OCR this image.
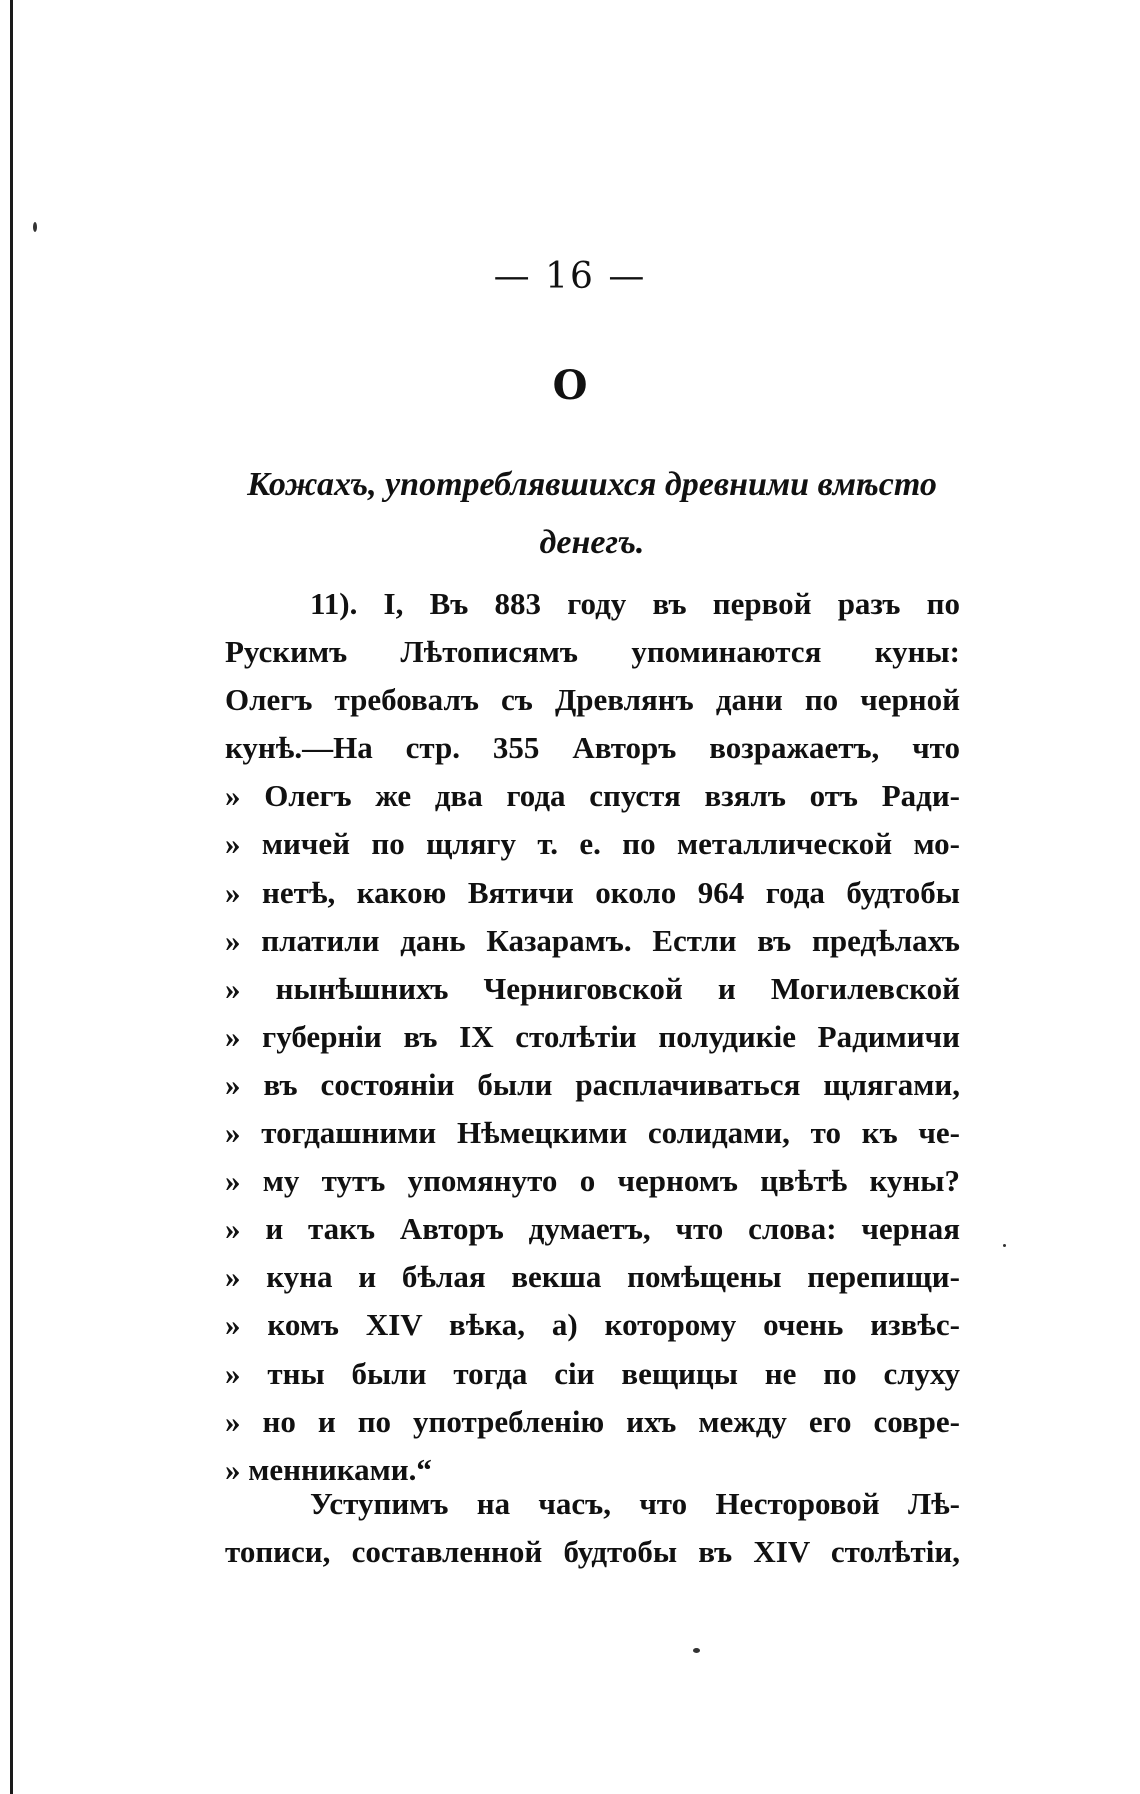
— 16 —
О
Кожахъ, употреблявшихся древними вмѣсто
денегъ.
11). I, Въ 883 году въ первой разъ по
Рускимъ Лѣтописямъ упоминаются куны:
Олегъ требовалъ съ Древлянъ дани по черной
кунѣ.—На стр. 355 Авторъ возражаетъ, что
» Олегъ же два года спустя взялъ отъ Ради-
» мичей по щлягу т. е. по металлической мо-
» нетѣ, какою Вятичи около 964 года будтобы
» платили дань Казарамъ. Естли въ предѣлахъ
» нынѣшнихъ Черниговской и Могилевской
» губерніи въ IX столѣтіи полудикіе Радимичи
» въ состояніи были расплачиваться щлягами,
» тогдашними Нѣмецкими солидами, то къ че-
» му тутъ упомянуто о черномъ цвѣтѣ куны?
» и такъ Авторъ думаетъ, что слова: черная
» куна и бѣлая векша помѣщены перепищи-
» комъ XIV вѣка, а) которому очень извѣс-
» тны были тогда сіи вещицы не по слуху
» но и по употребленію ихъ между его совре-
» менниками.“
Уступимъ на часъ, что Несторовой Лѣ-
тописи, составленной будтобы въ XIV столѣтіи,
